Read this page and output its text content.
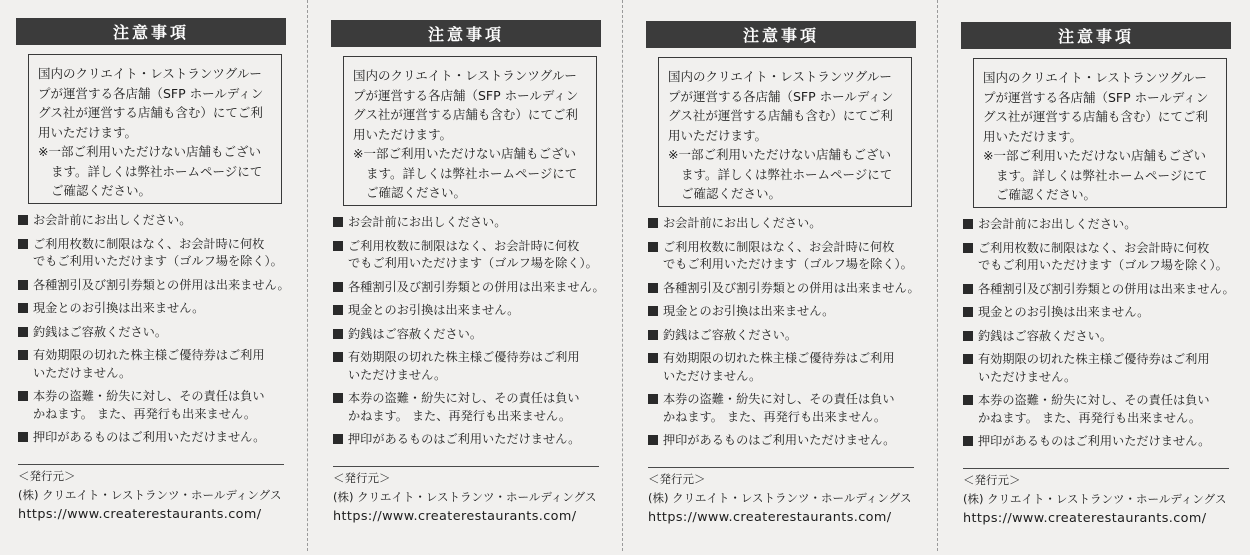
注意事項
国内のクリエイト・レストランツグループが運営する各店舗（SFP ホールディングス社が運営する店舗も含む）にてご利用いただけます。
※一部ご利用いただけない店舗もございます。詳しくは弊社ホームページにてご確認ください。
お会計前にお出しください。
ご利用枚数に制限はなく、お会計時に何枚
でもご利用いただけます（ゴルフ場を除く）。
各種割引及び割引券類との併用は出来ません。
現金とのお引換は出来ません。
釣銭はご容赦ください。
有効期限の切れた株主様ご優待券はご利用
いただけません。
本券の盗難・紛失に対し、その責任は負い
かねます。 また、再発行も出来ません。
押印があるものはご利用いただけません。
＜発行元＞
(株) クリエイト・レストランツ・ホールディングス
https://www.createrestaurants.com/
注意事項
国内のクリエイト・レストランツグループが運営する各店舗（SFP ホールディングス社が運営する店舗も含む）にてご利用いただけます。
※一部ご利用いただけない店舗もございます。詳しくは弊社ホームページにてご確認ください。
お会計前にお出しください。
ご利用枚数に制限はなく、お会計時に何枚
でもご利用いただけます（ゴルフ場を除く）。
各種割引及び割引券類との併用は出来ません。
現金とのお引換は出来ません。
釣銭はご容赦ください。
有効期限の切れた株主様ご優待券はご利用
いただけません。
本券の盗難・紛失に対し、その責任は負い
かねます。 また、再発行も出来ません。
押印があるものはご利用いただけません。
＜発行元＞
(株) クリエイト・レストランツ・ホールディングス
https://www.createrestaurants.com/
注意事項
国内のクリエイト・レストランツグループが運営する各店舗（SFP ホールディングス社が運営する店舗も含む）にてご利用いただけます。
※一部ご利用いただけない店舗もございます。詳しくは弊社ホームページにてご確認ください。
お会計前にお出しください。
ご利用枚数に制限はなく、お会計時に何枚
でもご利用いただけます（ゴルフ場を除く）。
各種割引及び割引券類との併用は出来ません。
現金とのお引換は出来ません。
釣銭はご容赦ください。
有効期限の切れた株主様ご優待券はご利用
いただけません。
本券の盗難・紛失に対し、その責任は負い
かねます。 また、再発行も出来ません。
押印があるものはご利用いただけません。
＜発行元＞
(株) クリエイト・レストランツ・ホールディングス
https://www.createrestaurants.com/
注意事項
国内のクリエイト・レストランツグループが運営する各店舗（SFP ホールディングス社が運営する店舗も含む）にてご利用いただけます。
※一部ご利用いただけない店舗もございます。詳しくは弊社ホームページにてご確認ください。
お会計前にお出しください。
ご利用枚数に制限はなく、お会計時に何枚
でもご利用いただけます（ゴルフ場を除く）。
各種割引及び割引券類との併用は出来ません。
現金とのお引換は出来ません。
釣銭はご容赦ください。
有効期限の切れた株主様ご優待券はご利用
いただけません。
本券の盗難・紛失に対し、その責任は負い
かねます。 また、再発行も出来ません。
押印があるものはご利用いただけません。
＜発行元＞
(株) クリエイト・レストランツ・ホールディングス
https://www.createrestaurants.com/
